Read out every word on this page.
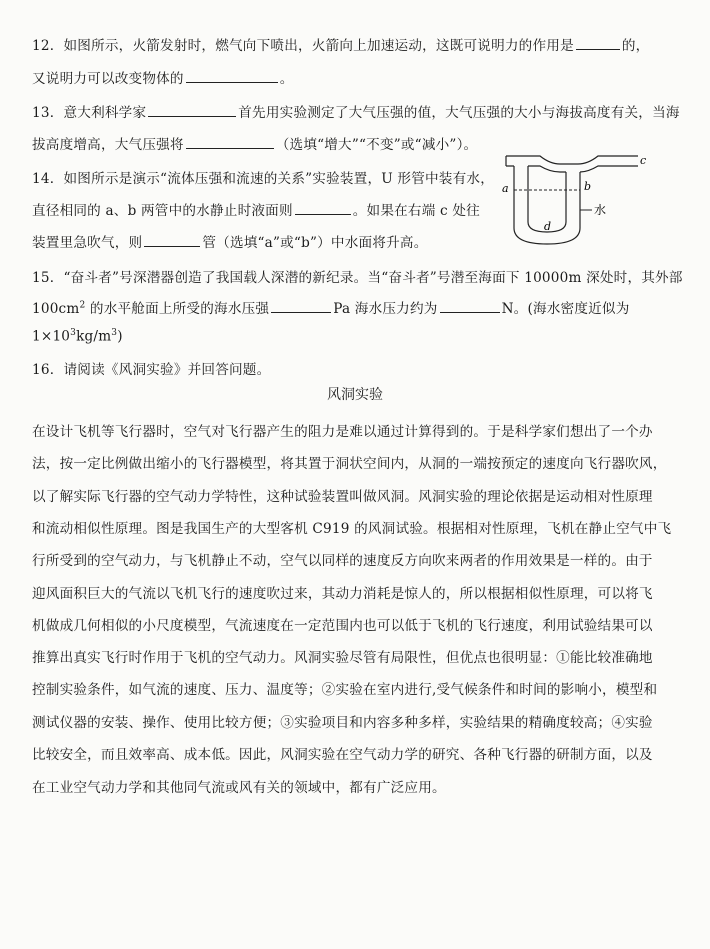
12．如图所示，火箭发射时，燃气向下喷出，火箭向上加速运动，这既可说明力的作用是	的，
又说明力可以改变物体的	。
13．意大利科学家	首先用实验测定了大气压强的值，大气压强的大小与海拔高度有关，当海
拔高度增高，大气压强将	（选填“增大”“不变”或“减小”）。
14．如图所示是演示“流体压强和流速的关系”实验装置，U 形管中装有水，
直径相同的 a、b 两管中的水静止时液面则	。如果在右端 c 处往
装置里急吹气，则	管（选填“a”或“b”）中水面将升高。
a	b
c
d
水
15．“奋斗者”号深潜器创造了我国载人深潜的新纪录。当“奋斗者”号潜至海面下 10000m 深处时，其外部
$100cm^2$ 的水平舱面上所受的海水压强	Pa 海水压力约为	N。(海水密度近似为
$1\times 10^3kg/m^3$)
16．请阅读《风洞实验》并回答问题。
风洞实验
在设计飞机等飞行器时，空气对飞行器产生的阻力是难以通过计算得到的。于是科学家们想出了一个办
法，按一定比例做出缩小的飞行器模型，将其置于洞状空间内，从洞的一端按预定的速度向飞行器吹风，
以了解实际飞行器的空气动力学特性，这种试验装置叫做风洞。风洞实验的理论依据是运动相对性原理
和流动相似性原理。图是我国生产的大型客机 C919 的风洞试验。根据相对性原理，飞机在静止空气中飞
行所受到的空气动力，与飞机静止不动，空气以同样的速度反方向吹来两者的作用效果是一样的。由于
迎风面积巨大的气流以飞机飞行的速度吹过来，其动力消耗是惊人的，所以根据相似性原理，可以将飞
机做成几何相似的小尺度模型，气流速度在一定范围内也可以低于飞机的飞行速度，利用试验结果可以
推算出真实飞行时作用于飞机的空气动力。风洞实验尽管有局限性，但优点也很明显：①能比较准确地
控制实验条件，如气流的速度、压力、温度等；②实验在室内进行,受气候条件和时间的影响小，模型和
测试仪器的安装、操作、使用比较方便；③实验项目和内容多种多样，实验结果的精确度较高；④实验
比较安全，而且效率高、成本低。因此，风洞实验在空气动力学的研究、各种飞行器的研制方面，以及
在工业空气动力学和其他同气流或风有关的领域中，都有广泛应用。
